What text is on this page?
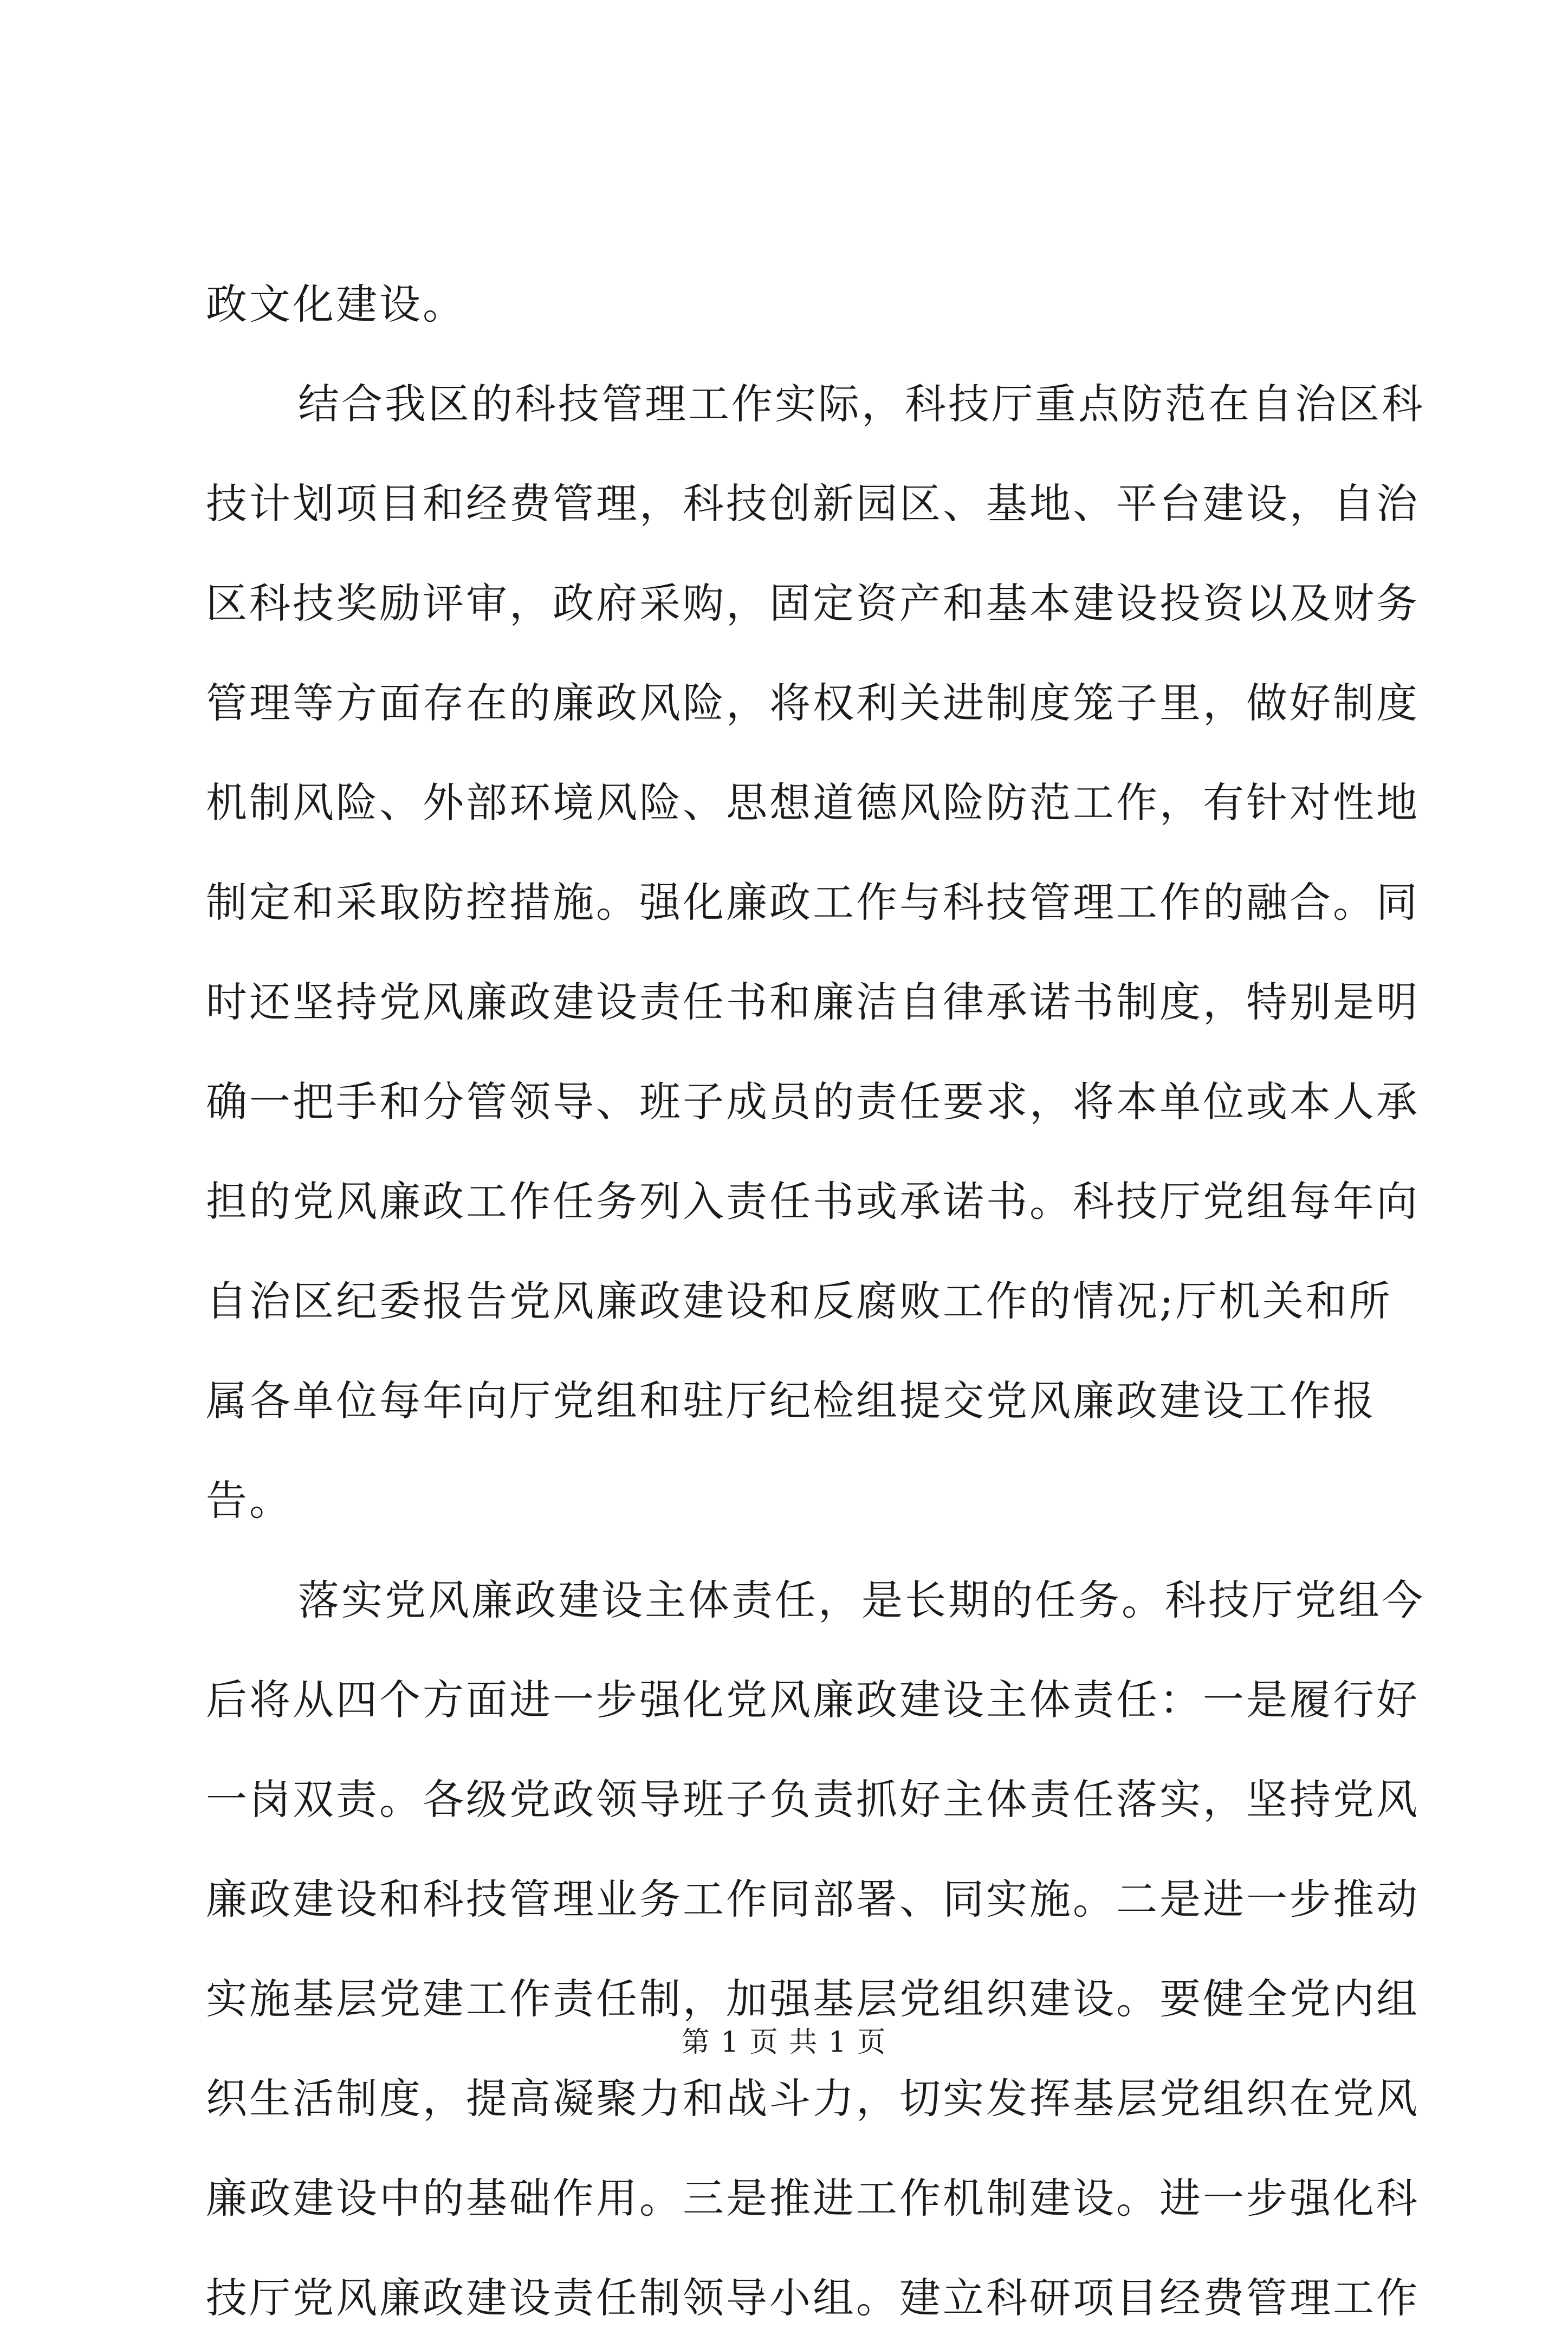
政文化建设。
结合我区的科技管理工作实际，科技厅重点防范在自治区科
技计划项目和经费管理，科技创新园区、基地、平台建设，自治
区科技奖励评审，政府采购，固定资产和基本建设投资以及财务
管理等方面存在的廉政风险，将权利关进制度笼子里，做好制度
机制风险、外部环境风险、思想道德风险防范工作，有针对性地
制定和采取防控措施。强化廉政工作与科技管理工作的融合。同
时还坚持党风廉政建设责任书和廉洁自律承诺书制度，特别是明
确一把手和分管领导、班子成员的责任要求，将本单位或本人承
担的党风廉政工作任务列入责任书或承诺书。科技厅党组每年向
自治区纪委报告党风廉政建设和反腐败工作的情况;厅机关和所
属各单位每年向厅党组和驻厅纪检组提交党风廉政建设工作报
告。
落实党风廉政建设主体责任，是长期的任务。科技厅党组今
后将从四个方面进一步强化党风廉政建设主体责任：一是履行好
一岗双责。各级党政领导班子负责抓好主体责任落实，坚持党风
廉政建设和科技管理业务工作同部署、同实施。二是进一步推动
实施基层党建工作责任制，加强基层党组织建设。要健全党内组
织生活制度，提高凝聚力和战斗力，切实发挥基层党组织在党风
廉政建设中的基础作用。三是推进工作机制建设。进一步强化科
技厅党风廉政建设责任制领导小组。建立科研项目经费管理工作
第 1 页 共 1 页
